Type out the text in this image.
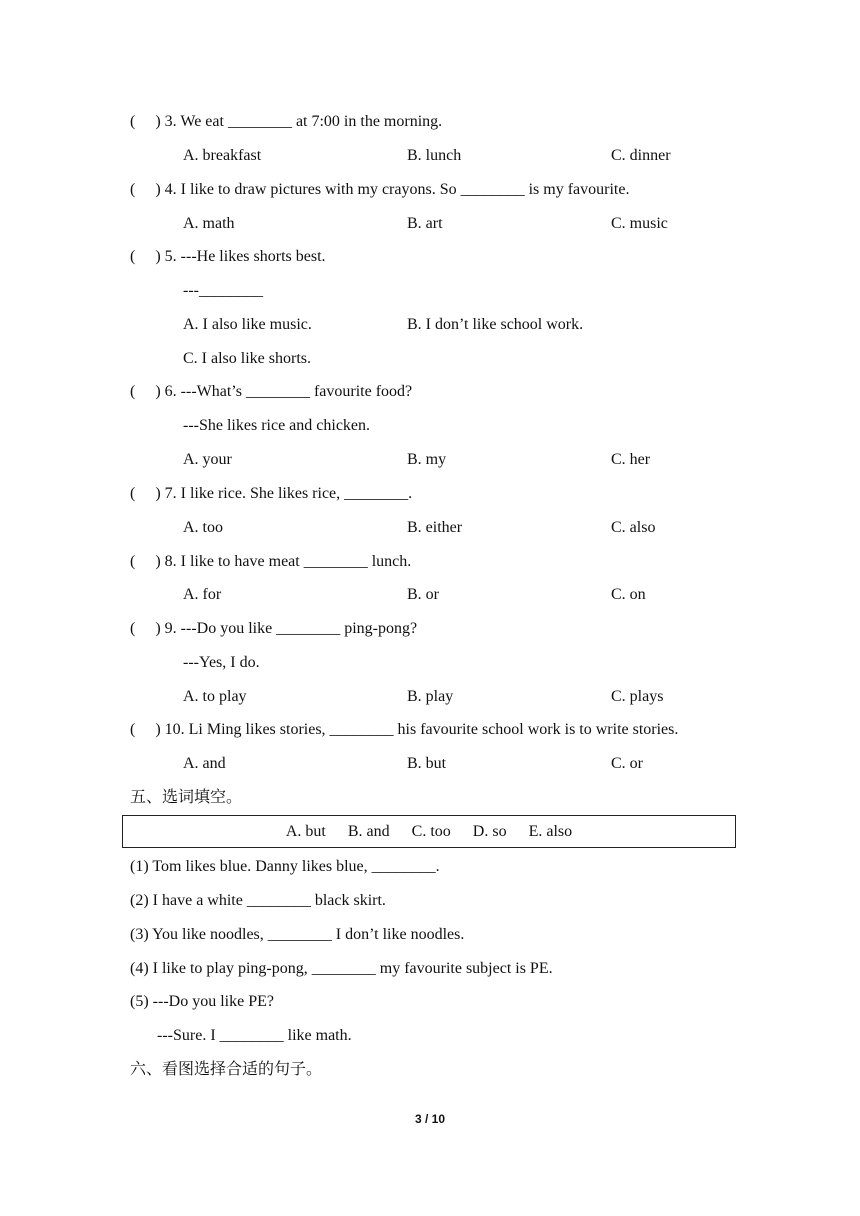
(     ) 3. We eat ________ at 7:00 in the morning.
A. breakfast	B. lunch	C. dinner
(     ) 4. I like to draw pictures with my crayons. So ________ is my favourite.
A. math	B. art	C. music
(     ) 5. ---He likes shorts best.
---________
A. I also like music.	B. I don’t like school work.
C. I also like shorts.
(     ) 6. ---What’s ________ favourite food?
---She likes rice and chicken.
A. your	B. my	C. her
(     ) 7. I like rice. She likes rice, ________.
A. too	B. either	C. also
(     ) 8. I like to have meat ________ lunch.
A. for	B. or	C. on
(     ) 9. ---Do you like ________ ping-pong?
---Yes, I do.
A. to play	B. play	C. plays
(     ) 10. Li Ming likes stories, ________ his favourite school work is to write stories.
A. and	B. but	C. or
五、选词填空。
A. but B. and C. too D. so E. also
(1) Tom likes blue. Danny likes blue, ________.
(2) I have a white ________ black skirt.
(3) You like noodles, ________ I don’t like noodles.
(4) I like to play ping-pong, ________ my favourite subject is PE.
(5) ---Do you like PE?
---Sure. I ________ like math.
六、看图选择合适的句子。
3 / 10
